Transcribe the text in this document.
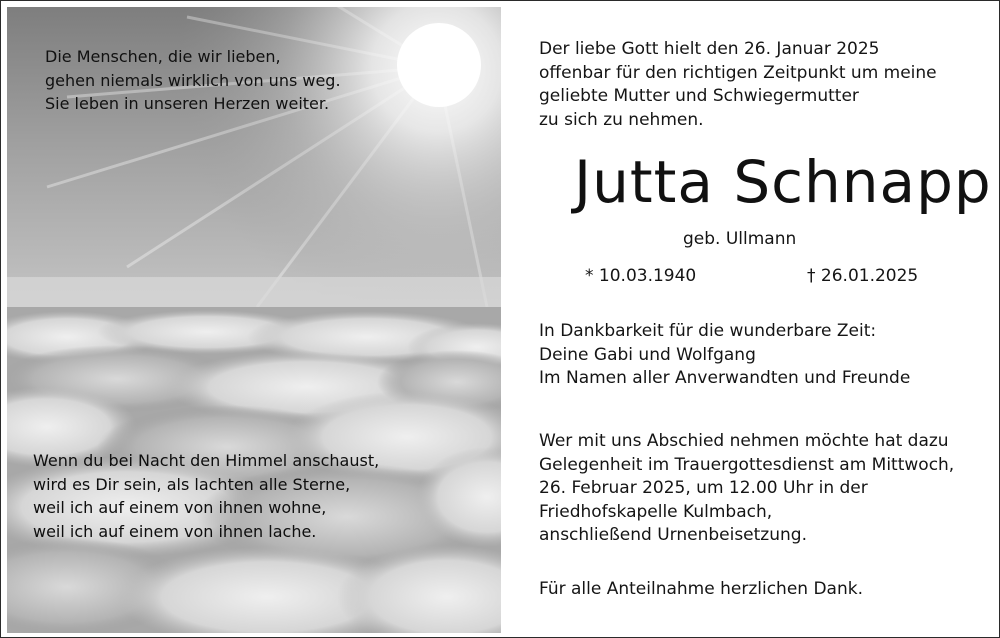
Die Menschen, die wir lieben,
gehen niemals wirklich von uns weg.
Sie leben in unseren Herzen weiter.

Wenn du bei Nacht den Himmel anschaust,
wird es Dir sein, als lachten alle Sterne,
weil ich auf einem von ihnen wohne,
weil ich auf einem von ihnen lache.

Der liebe Gott hielt den 26. Januar 2025
offenbar für den richtigen Zeitpunkt um meine
geliebte Mutter und Schwiegermutter
zu sich zu nehmen.

Jutta Schnapp
geb. Ullmann
* 10.03.1940	† 26.01.2025

In Dankbarkeit für die wunderbare Zeit:
Deine Gabi und Wolfgang
Im Namen aller Anverwandten und Freunde

Wer mit uns Abschied nehmen möchte hat dazu
Gelegenheit im Trauergottesdienst am Mittwoch,
26. Februar 2025, um 12.00 Uhr in der
Friedhofskapelle Kulmbach,
anschließend Urnenbeisetzung.

Für alle Anteilnahme herzlichen Dank.
